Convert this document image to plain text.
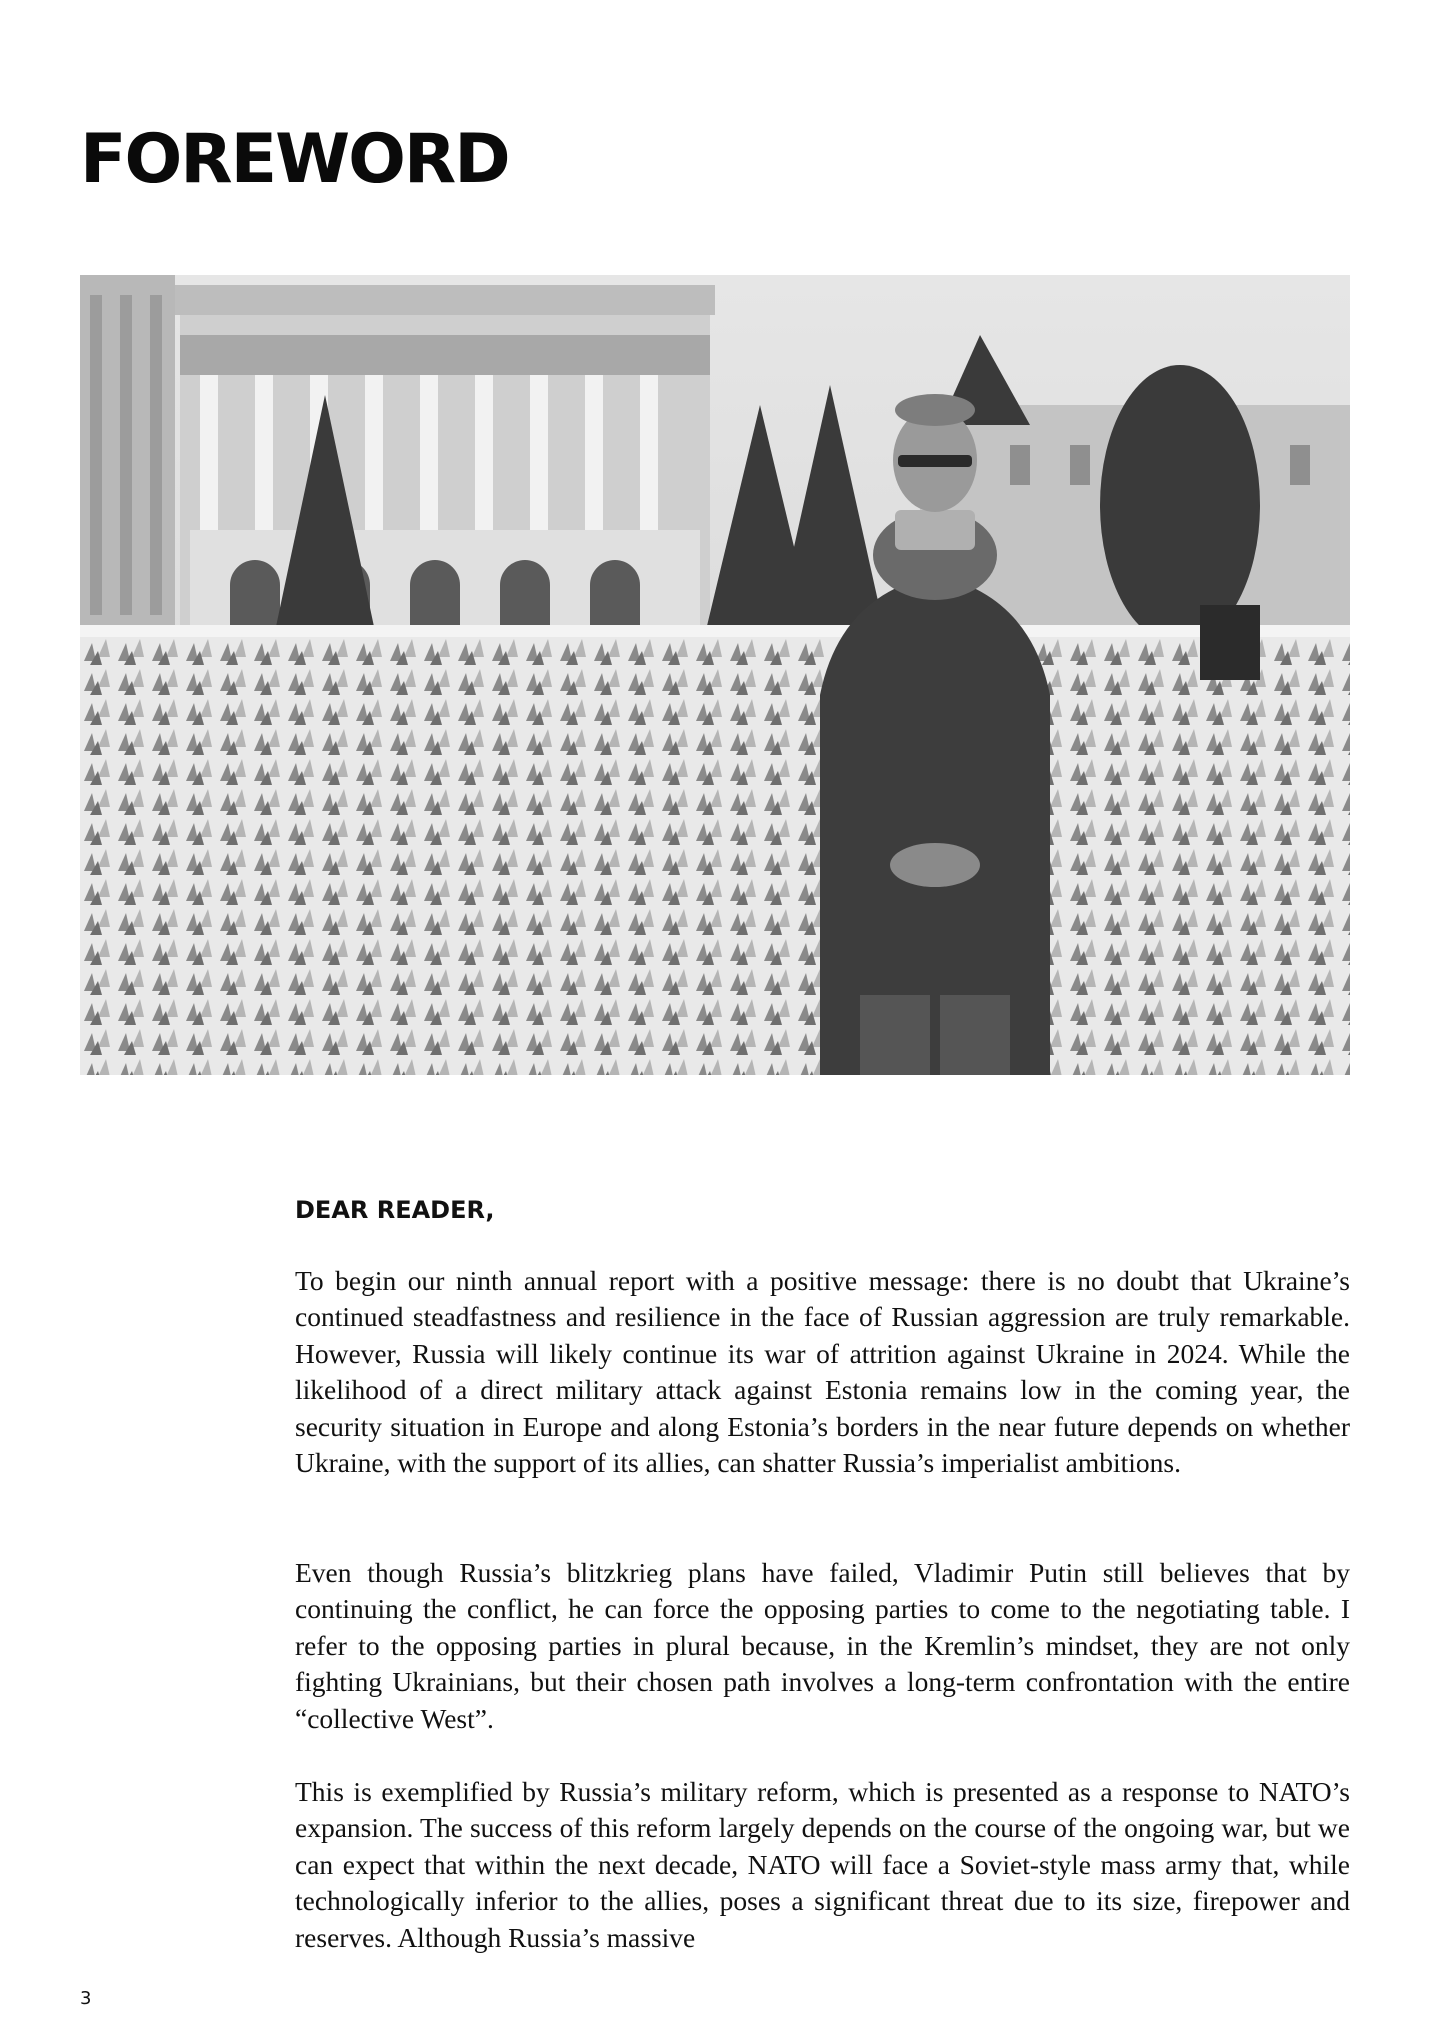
FOREWORD
DEAR READER,

To begin our ninth annual report with a positive message: there is no doubt that Ukraine’s continued steadfastness and resilience in the face of Russian aggression are truly remarkable. However, Russia will likely continue its war of attrition against Ukraine in 2024. While the likelihood of a direct military attack against Estonia remains low in the coming year, the security situation in Europe and along Estonia’s borders in the near future depends on whether Ukraine, with the support of its allies, can shatter Russia’s imperialist ambitions.

Even though Russia’s blitzkrieg plans have failed, Vladimir Putin still believes that by continuing the conflict, he can force the opposing parties to come to the negotiating table. I refer to the opposing parties in plural because, in the Kremlin’s mindset, they are not only fighting Ukrainians, but their chosen path involves a long-term confrontation with the entire “collective West”.

This is exemplified by Russia’s military reform, which is presented as a response to NATO’s expansion. The success of this reform largely depends on the course of the ongoing war, but we can expect that within the next decade, NATO will face a Soviet-style mass army that, while technologically inferior to the allies, poses a significant threat due to its size, firepower and reserves. Although Russia’s massive

3
